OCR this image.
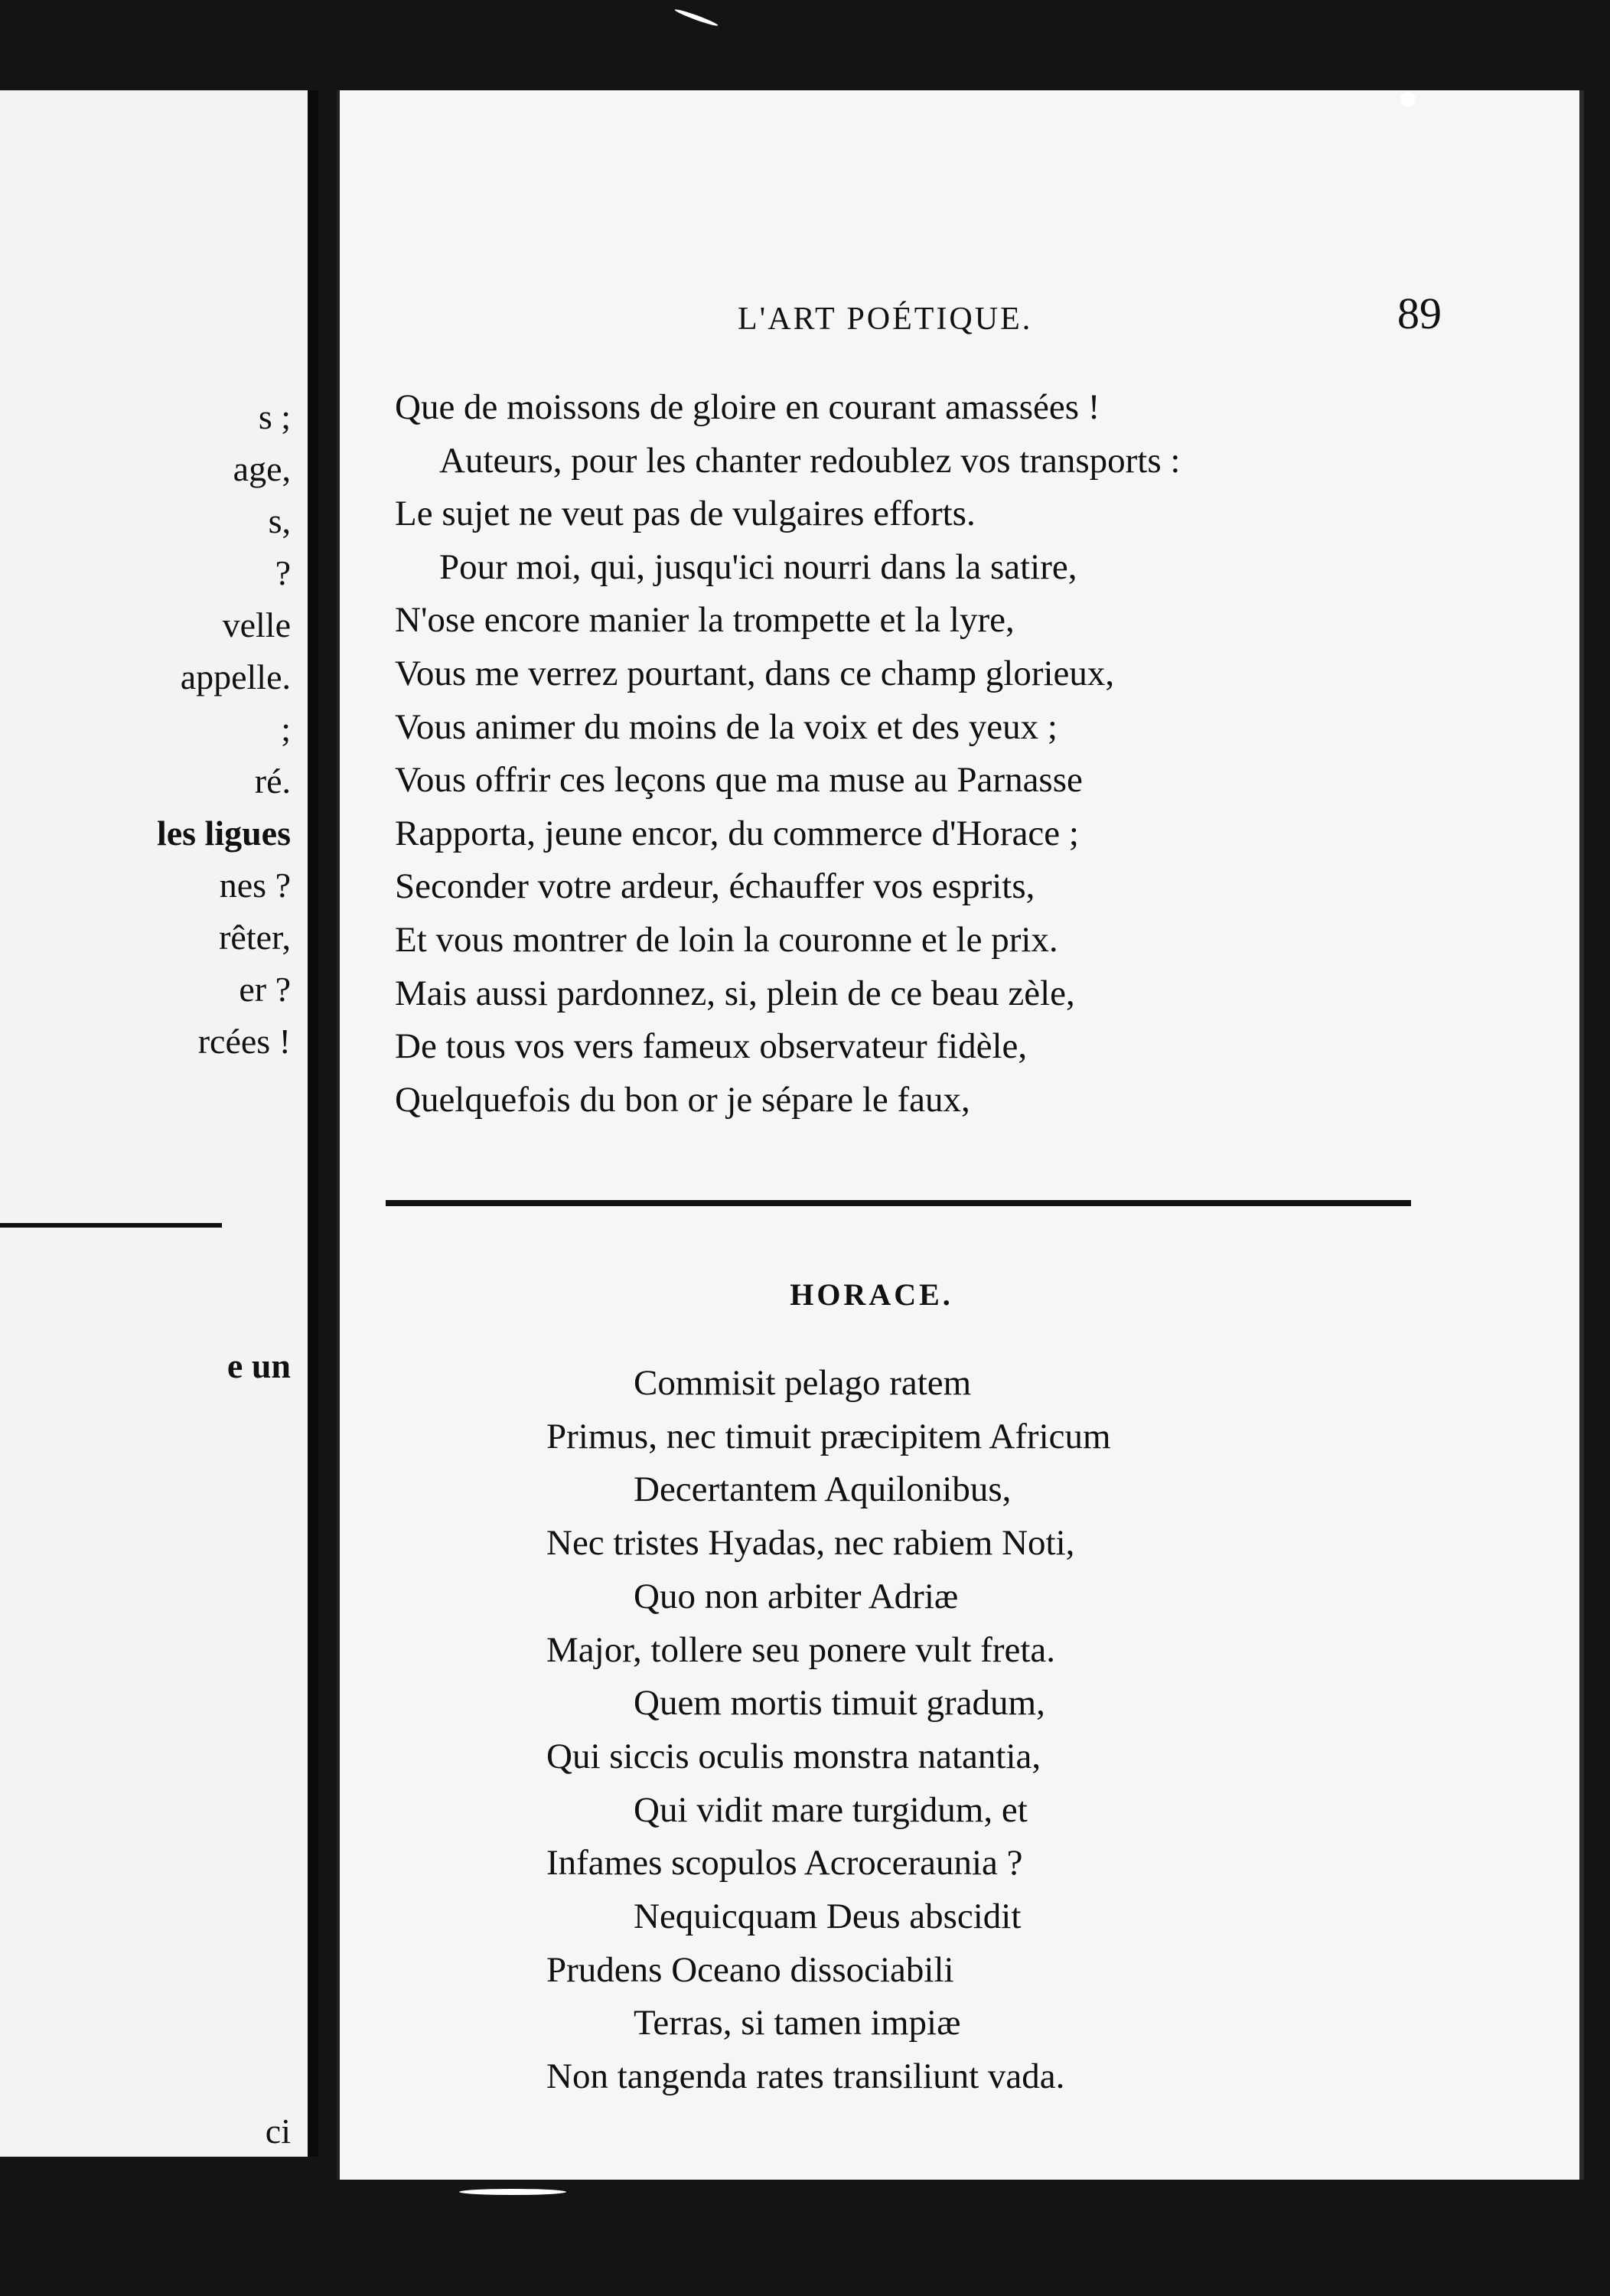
s ;
age,
s,
?
velle
appelle.
;
ré.
les ligues
nes ?
rêter,
er ?
rcées !
e un
ci
L'ART POÉTIQUE.	89
Que de moissons de gloire en courant amassées !
Auteurs, pour les chanter redoublez vos transports :
Le sujet ne veut pas de vulgaires efforts.
Pour moi, qui, jusqu'ici nourri dans la satire,
N'ose encore manier la trompette et la lyre,
Vous me verrez pourtant, dans ce champ glorieux,
Vous animer du moins de la voix et des yeux ;
Vous offrir ces leçons que ma muse au Parnasse
Rapporta, jeune encor, du commerce d'Horace ;
Seconder votre ardeur, échauffer vos esprits,
Et vous montrer de loin la couronne et le prix.
Mais aussi pardonnez, si, plein de ce beau zèle,
De tous vos vers fameux observateur fidèle,
Quelquefois du bon or je sépare le faux,
HORACE.
Commisit pelago ratem
Primus, nec timuit præcipitem Africum
Decertantem Aquilonibus,
Nec tristes Hyadas, nec rabiem Noti,
Quo non arbiter Adriæ
Major, tollere seu ponere vult freta.
Quem mortis timuit gradum,
Qui siccis oculis monstra natantia,
Qui vidit mare turgidum, et
Infames scopulos Acroceraunia ?
Nequicquam Deus abscidit
Prudens Oceano dissociabili
Terras, si tamen impiæ
Non tangenda rates transiliunt vada.
